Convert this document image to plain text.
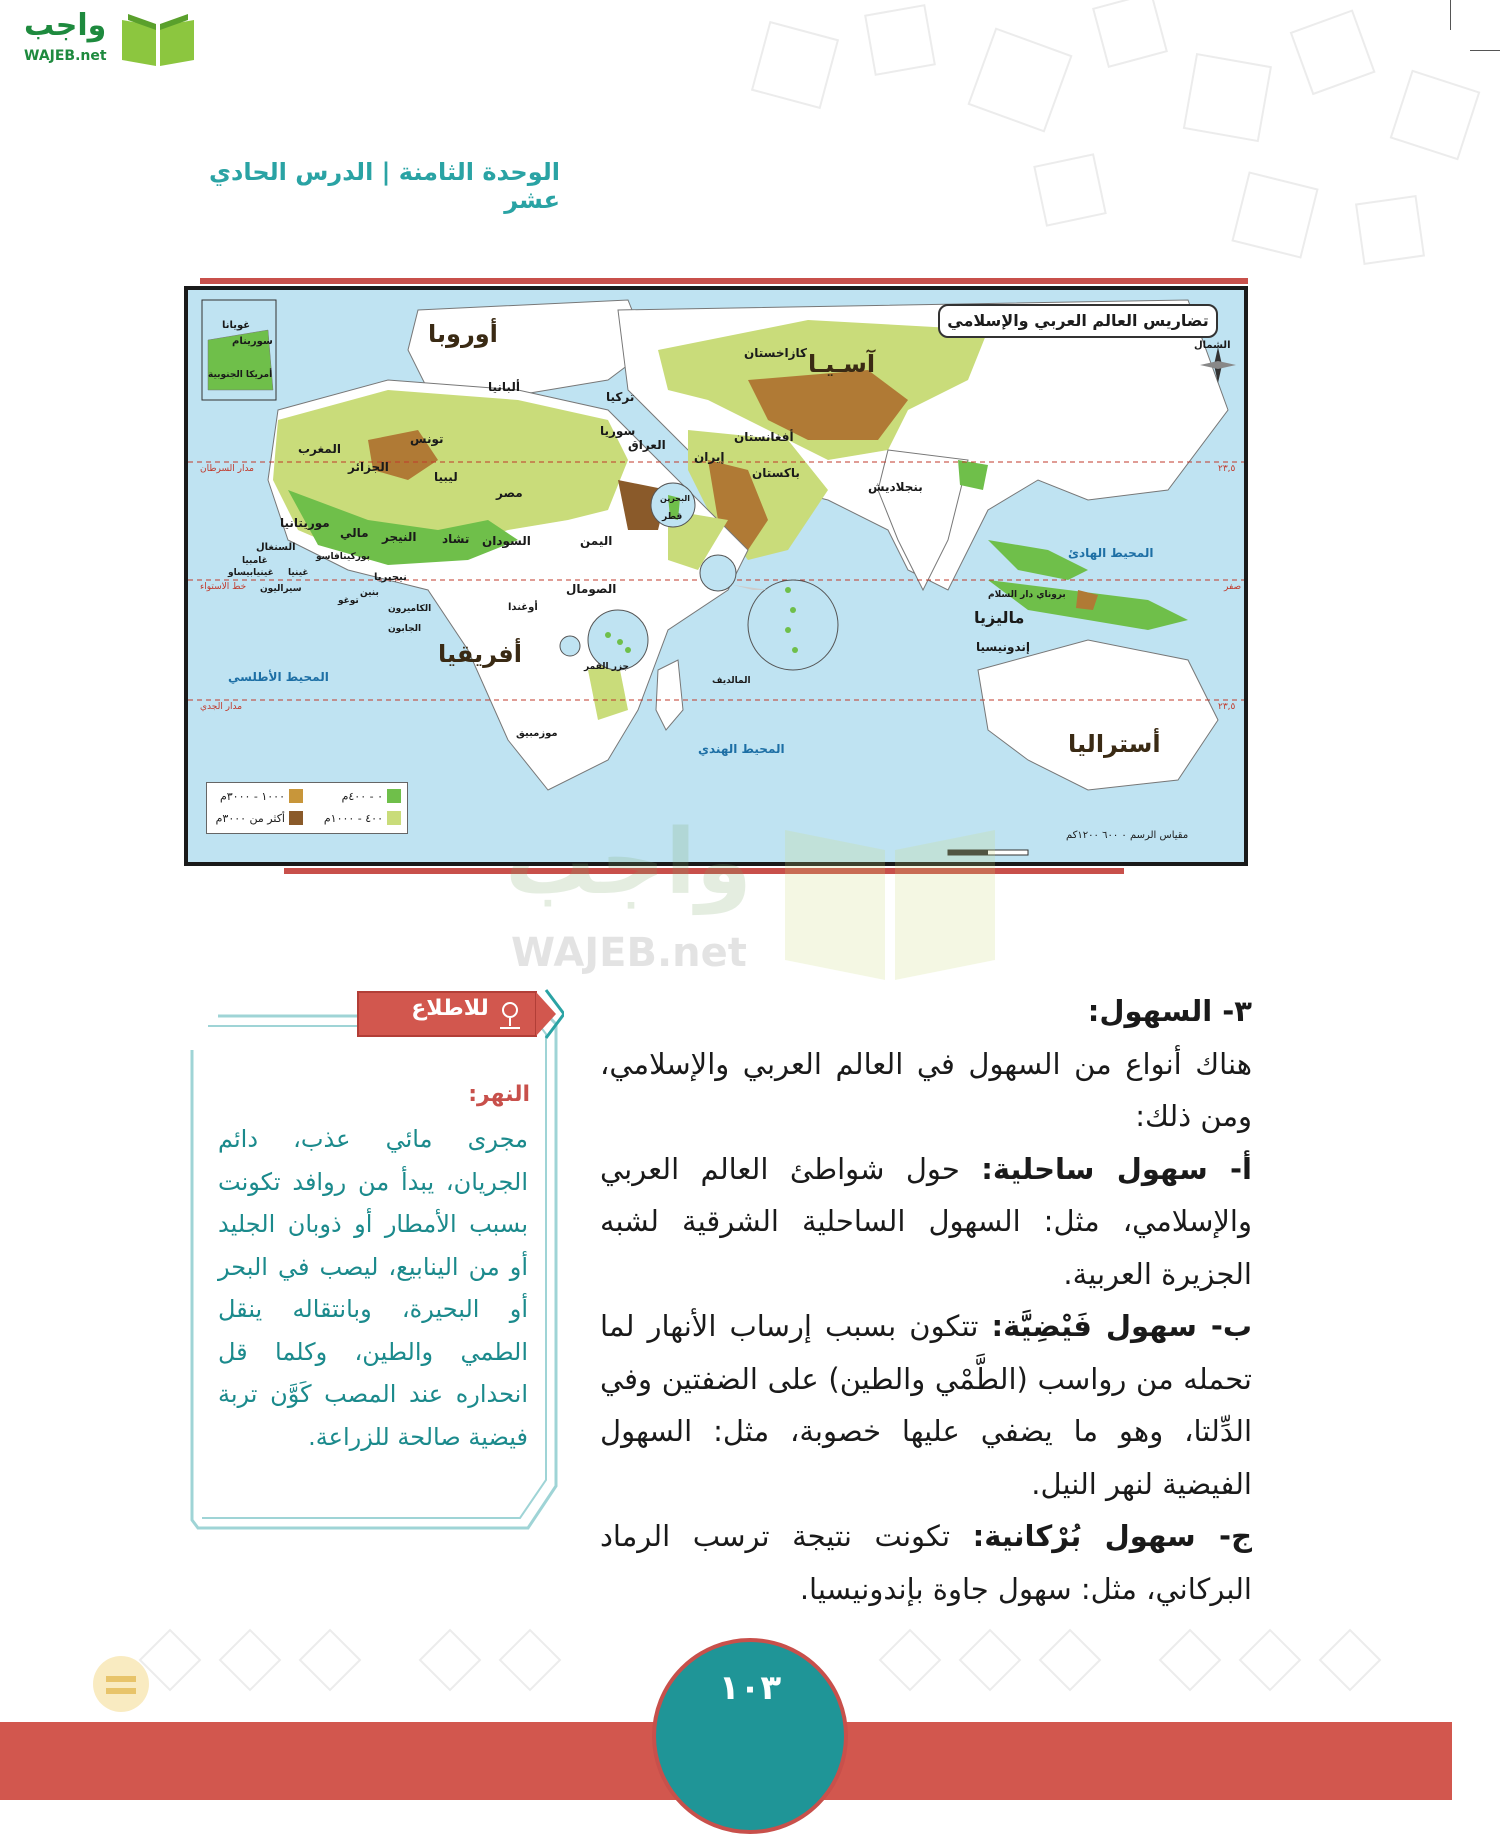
واجب
WAJEB.net
الوحدة الثامنة | الدرس الحادي عشر
تضاريس العالم العربي والإسلامي
الشمال
غويانا
سورينام
أمريكا الجنوبية
أوروبا
آسـيـا
أفريقيا
أستراليا
المحيط الأطلسي
المحيط الهندي
المحيط الهادئ
مدار السرطان
خط الاستواء
مدار الجدي
٢٣,٥
صفر
٢٣,٥
كازاخستان
ألبانيا
تركيا
سوريا
العراق
إيران
أفغانستان
باكستان
بنجلاديش
المغرب
الجزائر
تونس
ليبيا
مصر
موريتانيا
مالي النيجر تشاد السودان	اليمن
الصومال
السنغال
غامبيا
غينيابيساو
سيراليون
غينيا
بوركينافاسو
نيجيريا
الكاميرون
الجابون
توغو
بنين
أوغندا
موزمبيق
جزر القمر
المالديف
قطر
البحرين
بروناي دار السلام
ماليزيا
إندونيسيا
٠ - ٤٠٠م
١٠٠٠ - ٣٠٠٠م
٤٠٠ - ١٠٠٠م
أكثر من ٣٠٠٠م
مقياس الرسم ٠ ٦٠٠ ١٢٠٠كم
واجب
WAJEB.net
للاطلاع
النهر:
مجرى مائي عذب، دائم الجريان، يبدأ من روافد تكونت بسبب الأمطار أو ذوبان الجليد أو من الينابيع، ليصب في البحر أو البحيرة، وبانتقاله ينقل الطمي والطين، وكلما قل انحداره عند المصب كَوَّن تربة فيضية صالحة للزراعة.

٣- السهول:

هناك أنواع من السهول في العالم العربي والإسلامي، ومن ذلك:

أ- سهول ساحلية: حول شواطئ العالم العربي والإسلامي، مثل: السهول الساحلية الشرقية لشبه الجزيرة العربية.

ب- سهول فَيْضِيَّة: تتكون بسبب إرساب الأنهار لما تحمله من رواسب (الطَّمْي والطين) على الضفتين وفي الدِّلتا، وهو ما يضفي عليها خصوبة، مثل: السهول الفيضية لنهر النيل.

ج- سهول بُرْكانية: تكونت نتيجة ترسب الرماد البركاني، مثل: سهول جاوة بإندونيسيا.

١٠٣
